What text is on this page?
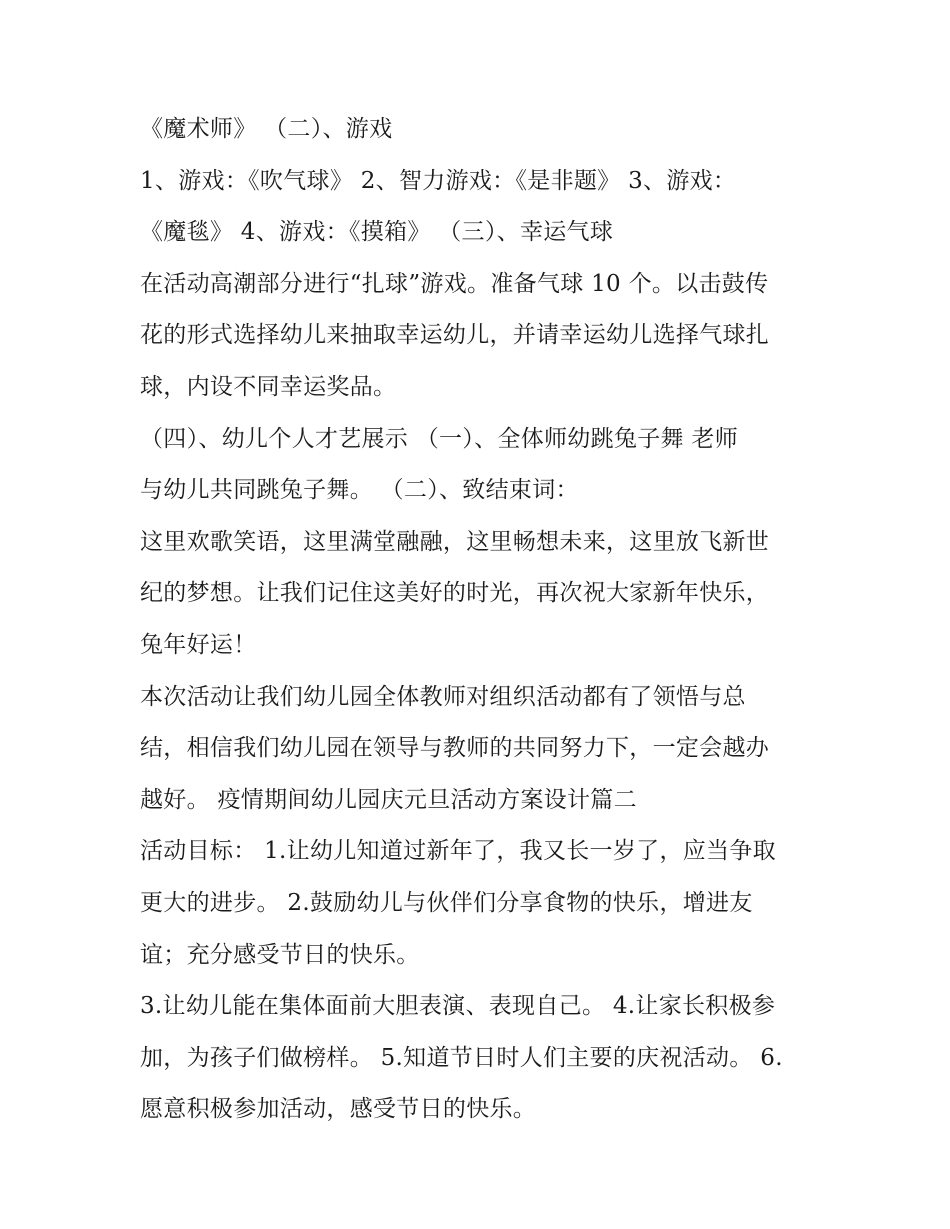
《魔术师》 （二）、游戏
1、游戏：《吹气球》 2、智力游戏：《是非题》 3、游戏：
《魔毯》 4、游戏：《摸箱》 （三）、幸运气球
在活动高潮部分进行“扎球”游戏。准备气球 10 个。以击鼓传
花的形式选择幼儿来抽取幸运幼儿，并请幸运幼儿选择气球扎
球，内设不同幸运奖品。
（四）、幼儿个人才艺展示 （一）、全体师幼跳兔子舞 老师
与幼儿共同跳兔子舞。 （二）、致结束词：
这里欢歌笑语，这里满堂融融，这里畅想未来，这里放飞新世
纪的梦想。让我们记住这美好的时光，再次祝大家新年快乐，
兔年好运！
本次活动让我们幼儿园全体教师对组织活动都有了领悟与总
结，相信我们幼儿园在领导与教师的共同努力下，一定会越办
越好。 疫情期间幼儿园庆元旦活动方案设计篇二
活动目标： 1.让幼儿知道过新年了，我又长一岁了，应当争取
更大的进步。 2.鼓励幼儿与伙伴们分享食物的快乐，增进友
谊；充分感受节日的快乐。
3.让幼儿能在集体面前大胆表演、表现自己。 4.让家长积极参
加，为孩子们做榜样。 5.知道节日时人们主要的庆祝活动。 6.
愿意积极参加活动，感受节日的快乐。
